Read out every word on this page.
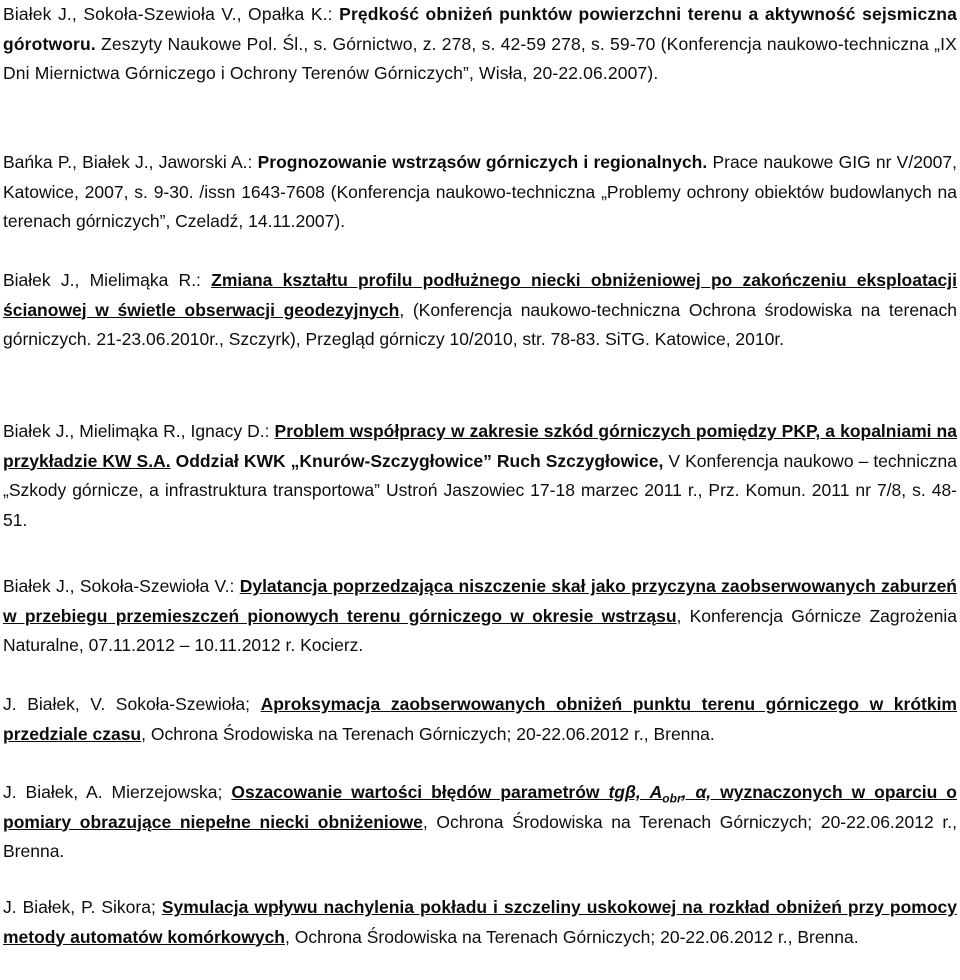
Białek J., Sokoła-Szewioła V., Opałka K.: Prędkość obniżeń punktów powierzchni terenu a aktywność sejsmiczna górotworu. Zeszyty Naukowe Pol. Śl., s. Górnictwo, z. 278, s. 42-59 278, s. 59-70 (Konferencja naukowo-techniczna „IX Dni Miernictwa Górniczego i Ochrony Terenów Górniczych”, Wisła, 20-22.06.2007).

Bańka P., Białek J., Jaworski A.: Prognozowanie wstrząsów górniczych i regionalnych. Prace naukowe GIG nr V/2007, Katowice, 2007, s. 9-30. /issn 1643-7608 (Konferencja naukowo-techniczna „Problemy ochrony obiektów budowlanych na terenach górniczych”, Czeladź, 14.11.2007).

Białek J., Mielimąka R.: Zmiana kształtu profilu podłużnego niecki obniżeniowej po zakończeniu eksploatacji ścianowej w świetle obserwacji geodezyjnych, (Konferencja naukowo-techniczna Ochrona środowiska na terenach górniczych. 21-23.06.2010r., Szczyrk), Przegląd górniczy 10/2010, str. 78-83. SiTG. Katowice, 2010r.

Białek J., Mielimąka R., Ignacy D.: Problem współpracy w zakresie szkód górniczych pomiędzy PKP, a kopalniami na przykładzie KW S.A. Oddział KWK „Knurów-Szczygłowice” Ruch Szczygłowice, V Konferencja naukowo – techniczna „Szkody górnicze, a infrastruktura transportowa” Ustroń Jaszowiec 17-18 marzec 2011 r., Prz. Komun. 2011 nr 7/8, s. 48-51.

Białek J., Sokoła-Szewioła V.: Dylatancja poprzedzająca niszczenie skał jako przyczyna zaobserwowanych zaburzeń w przebiegu przemieszczeń pionowych terenu górniczego w okresie wstrząsu, Konferencja Górnicze Zagrożenia Naturalne, 07.11.2012 – 10.11.2012 r. Kocierz.

J. Białek, V. Sokoła-Szewioła; Aproksymacja zaobserwowanych obniżeń punktu terenu górniczego w krótkim przedziale czasu, Ochrona Środowiska na Terenach Górniczych; 20-22.06.2012 r., Brenna.

J. Białek, A. Mierzejowska; Oszacowanie wartości błędów parametrów tgβ, $A_{obr}$, α, wyznaczonych w oparciu o pomiary obrazujące niepełne niecki obniżeniowe, Ochrona Środowiska na Terenach Górniczych; 20-22.06.2012 r., Brenna.

J. Białek, P. Sikora; Symulacja wpływu nachylenia pokładu i szczeliny uskokowej na rozkład obniżeń przy pomocy metody automatów komórkowych, Ochrona Środowiska na Terenach Górniczych; 20-22.06.2012 r., Brenna.
